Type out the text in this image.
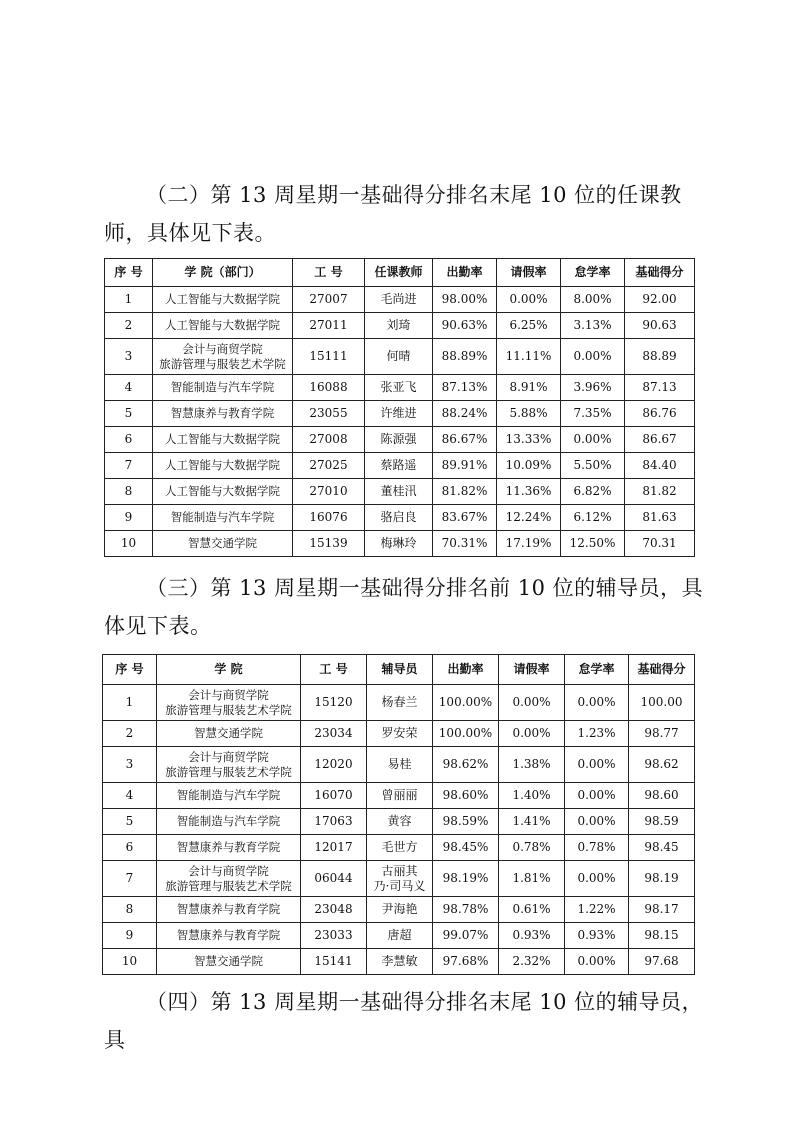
（二）第 13 周星期一基础得分排名末尾 10 位的任课教师，具体见下表。

序 号	学 院（部门）	工 号	任课教师	出勤率	请假率	怠学率	基础得分
1	人工智能与大数据学院	27007	毛尚进	98.00%	0.00%	8.00%	92.00
2	人工智能与大数据学院	27011	刘琦	90.63%	6.25%	3.13%	90.63
3	会计与商贸学院
旅游管理与服装艺术学院	15111	何晴	88.89%	11.11%	0.00%	88.89
4	智能制造与汽车学院	16088	张亚飞	87.13%	8.91%	3.96%	87.13
5	智慧康养与教育学院	23055	许维进	88.24%	5.88%	7.35%	86.76
6	人工智能与大数据学院	27008	陈源强	86.67%	13.33%	0.00%	86.67
7	人工智能与大数据学院	27025	蔡路遥	89.91%	10.09%	5.50%	84.40
8	人工智能与大数据学院	27010	董桂汛	81.82%	11.36%	6.82%	81.82
9	智能制造与汽车学院	16076	骆启良	83.67%	12.24%	6.12%	81.63
10	智慧交通学院	15139	梅琳玲	70.31%	17.19%	12.50%	70.31

（三）第 13 周星期一基础得分排名前 10 位的辅导员，具体见下表。

序 号	学 院	工 号	辅导员	出勤率	请假率	怠学率	基础得分
1	会计与商贸学院
旅游管理与服装艺术学院	15120	杨春兰	100.00%	0.00%	0.00%	100.00
2	智慧交通学院	23034	罗安荣	100.00%	0.00%	1.23%	98.77
3	会计与商贸学院
旅游管理与服装艺术学院	12020	易桂	98.62%	1.38%	0.00%	98.62
4	智能制造与汽车学院	16070	曾丽丽	98.60%	1.40%	0.00%	98.60
5	智能制造与汽车学院	17063	黄容	98.59%	1.41%	0.00%	98.59
6	智慧康养与教育学院	12017	毛世方	98.45%	0.78%	0.78%	98.45
7	会计与商贸学院
旅游管理与服装艺术学院	06044	古丽其
乃·司马义	98.19%	1.81%	0.00%	98.19
8	智慧康养与教育学院	23048	尹海艳	98.78%	0.61%	1.22%	98.17
9	智慧康养与教育学院	23033	唐超	99.07%	0.93%	0.93%	98.15
10	智慧交通学院	15141	李慧敏	97.68%	2.32%	0.00%	97.68

（四）第 13 周星期一基础得分排名末尾 10 位的辅导员，具
